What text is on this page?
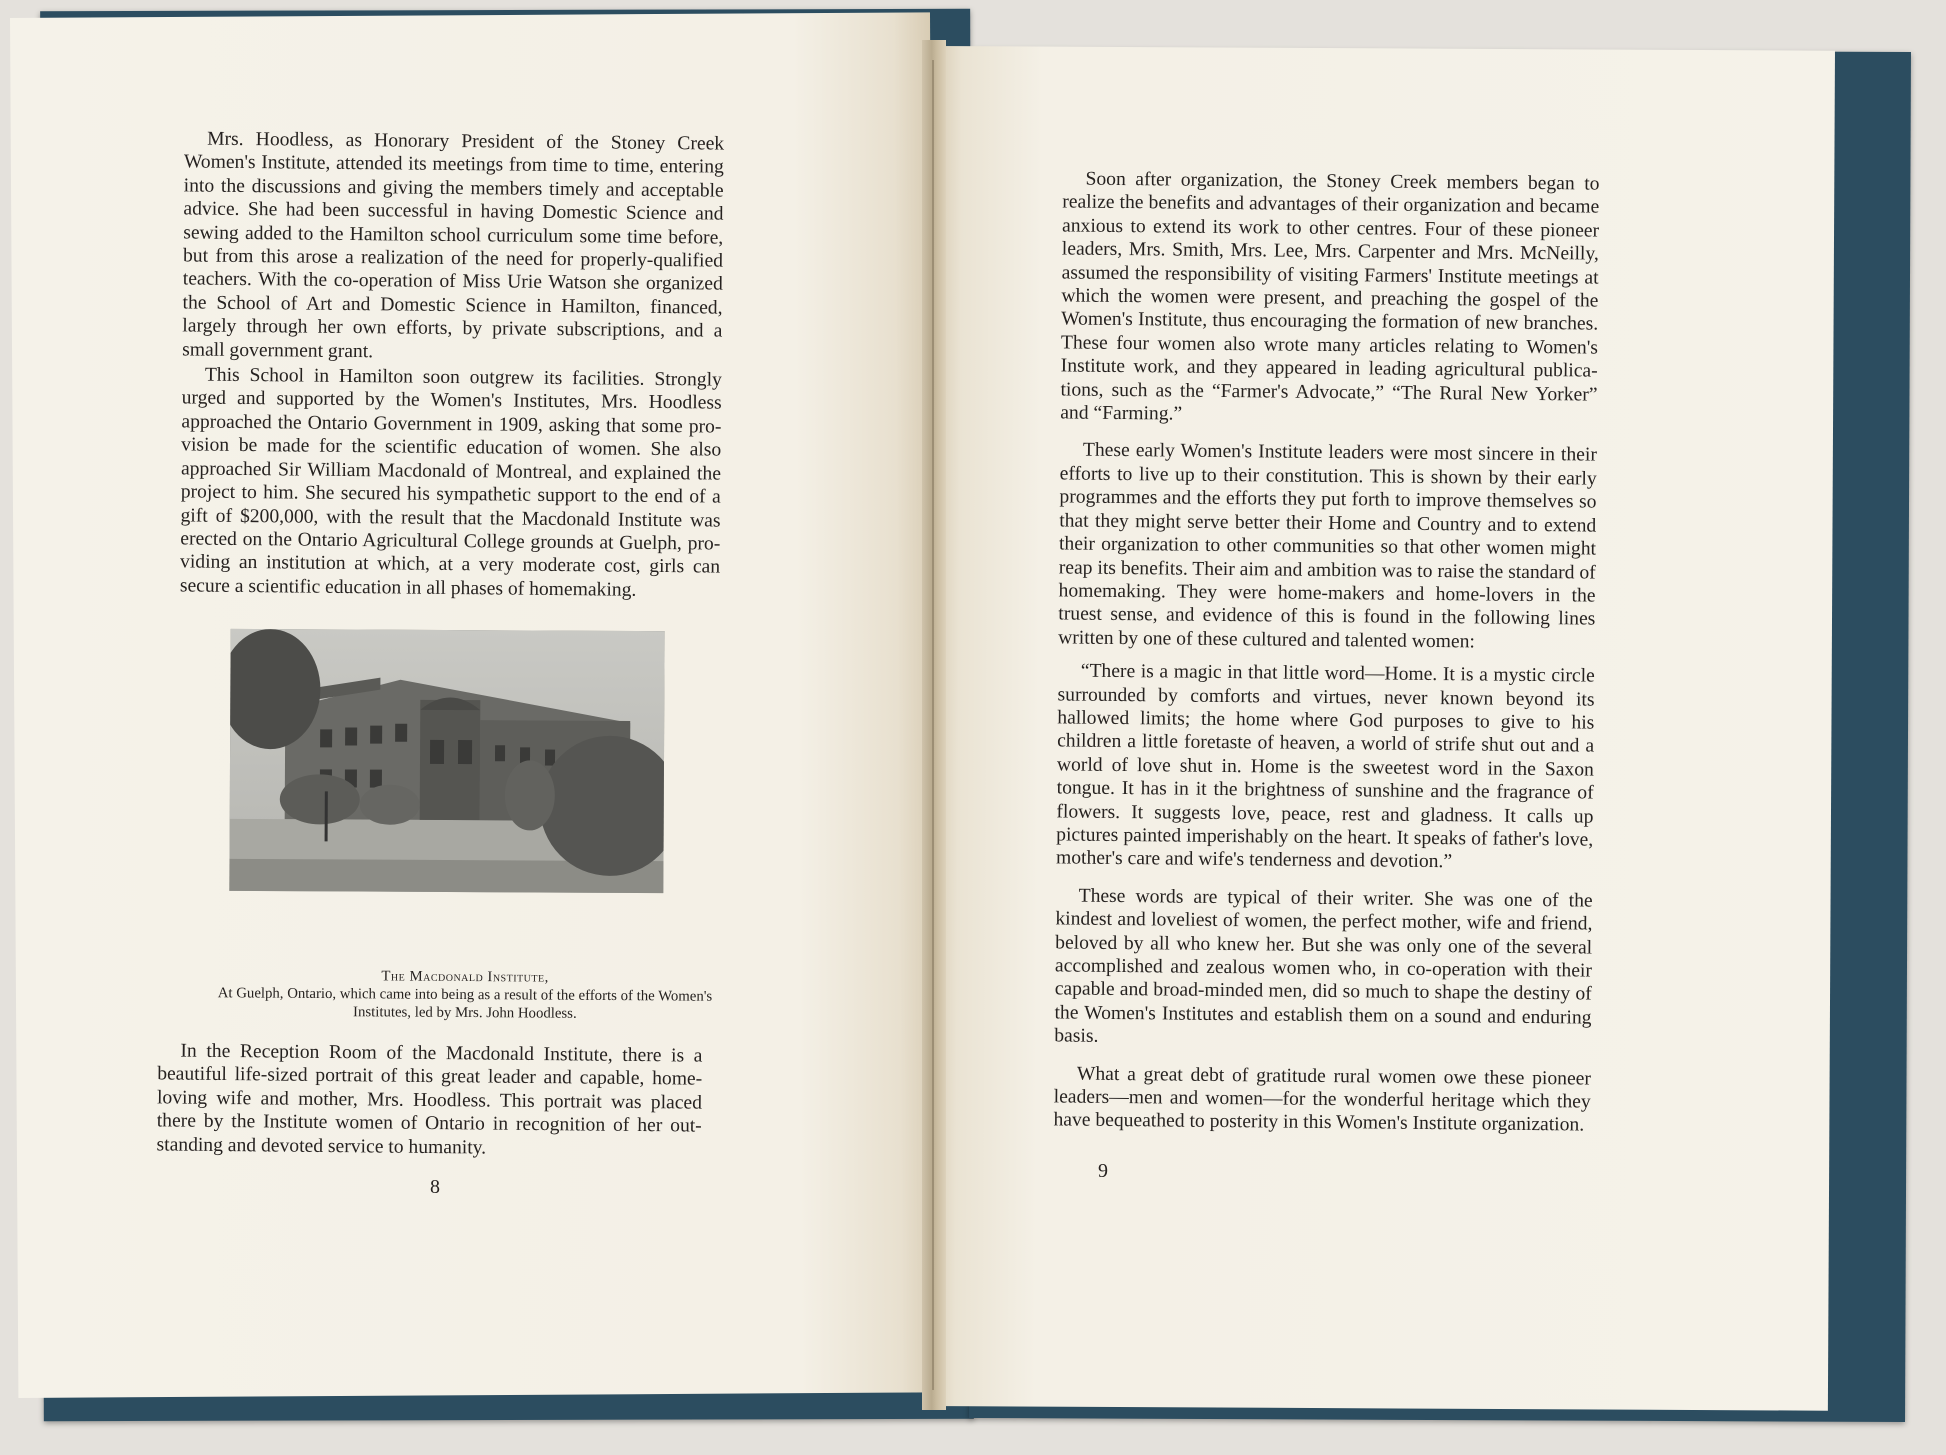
Mrs. Hoodless, as Honorary President of the Stoney Creek Women's Institute, attended its meetings from time to time, entering into the discussions and giving the members timely and acceptable advice. She had been successful in having Domestic Science and sewing added to the Hamilton school curriculum some time before, but from this arose a realization of the need for properly-qualified teachers. With the co-operation of Miss Urie Watson she organized the School of Art and Domestic Science in Hamilton, financed, largely through her own efforts, by private subscriptions, and a small government grant.

This School in Hamilton soon outgrew its facilities. Strongly urged and supported by the Women's Institutes, Mrs. Hoodless approached the Ontario Government in 1909, asking that some provision be made for the scientific education of women. She also approached Sir William Macdonald of Montreal, and explained the project to him. She secured his sympathetic support to the end of a gift of $200,000, with the result that the Macdonald Institute was erected on the Ontario Agricultural College grounds at Guelph, providing an institution at which, at a very moderate cost, girls can secure a scientific education in all phases of homemaking.

The Macdonald Institute,
At Guelph, Ontario, which came into being as a result of the efforts of the Women's Institutes, led by Mrs. John Hoodless.

In the Reception Room of the Macdonald Institute, there is a beautiful life-sized portrait of this great leader and capable, home-loving wife and mother, Mrs. Hoodless. This portrait was placed there by the Institute women of Ontario in recognition of her outstanding and devoted service to humanity.

8

Soon after organization, the Stoney Creek members began to realize the benefits and advantages of their organization and became anxious to extend its work to other centres. Four of these pioneer leaders, Mrs. Smith, Mrs. Lee, Mrs. Carpenter and Mrs. McNeilly, assumed the responsibility of visiting Farmers' Institute meetings at which the women were present, and preaching the gospel of the Women's Institute, thus encouraging the formation of new branches. These four women also wrote many articles relating to Women's Institute work, and they appeared in leading agricultural publications, such as the “Farmer's Advocate,” “The Rural New Yorker” and “Farming.”

These early Women's Institute leaders were most sincere in their efforts to live up to their constitution. This is shown by their early programmes and the efforts they put forth to improve themselves so that they might serve better their Home and Country and to extend their organization to other communities so that other women might reap its benefits. Their aim and ambition was to raise the standard of homemaking. They were home-makers and home-lovers in the truest sense, and evidence of this is found in the following lines written by one of these cultured and talented women:

“There is a magic in that little word—Home. It is a mystic circle surrounded by comforts and virtues, never known beyond its hallowed limits; the home where God purposes to give to his children a little foretaste of heaven, a world of strife shut out and a world of love shut in. Home is the sweetest word in the Saxon tongue. It has in it the brightness of sunshine and the fragrance of flowers. It suggests love, peace, rest and gladness. It calls up pictures painted imperishably on the heart. It speaks of father's love, mother's care and wife's tenderness and devotion.”

These words are typical of their writer. She was one of the kindest and loveliest of women, the perfect mother, wife and friend, beloved by all who knew her. But she was only one of the several accomplished and zealous women who, in co-operation with their capable and broad-minded men, did so much to shape the destiny of the Women's Institutes and establish them on a sound and enduring basis.

What a great debt of gratitude rural women owe these pioneer leaders—men and women—for the wonderful heritage which they have bequeathed to posterity in this Women's Institute organization.

9
